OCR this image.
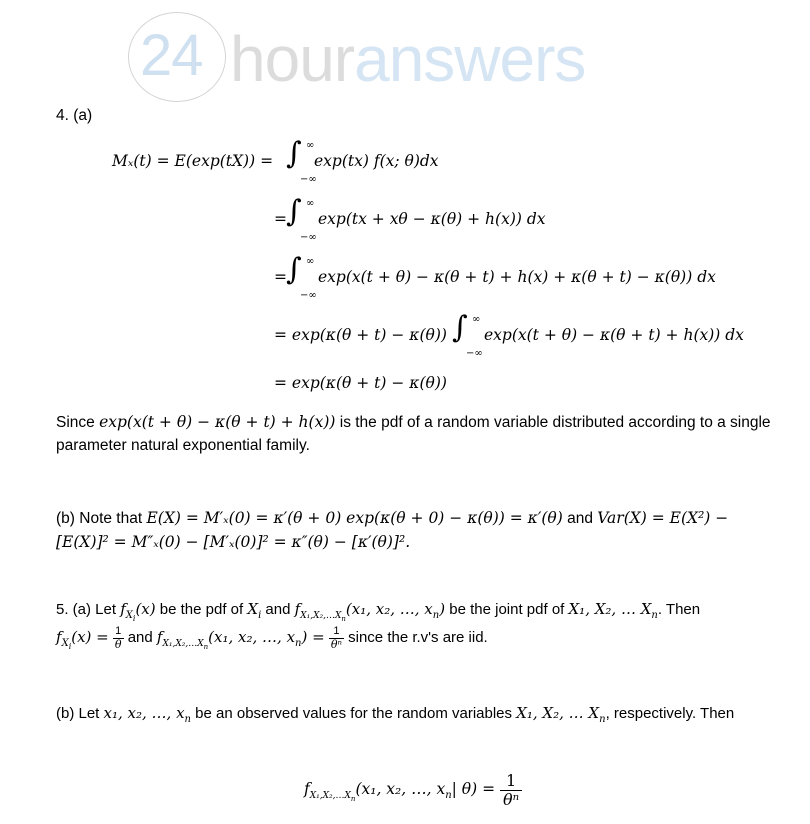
24 houranswers
4. (a)
Mₓ(t) = E(exp(tX)) = ∫ ∞
−∞
exp(tx) f(x; θ)dx
= ∫ ∞
−∞
exp(tx + xθ − κ(θ) + h(x)) dx
= ∫ ∞
−∞
exp(x(t + θ) − κ(θ + t) + h(x) + κ(θ + t) − κ(θ)) dx
= exp(κ(θ + t) − κ(θ)) ∫ ∞
−∞
exp(x(t + θ) − κ(θ + t) + h(x)) dx
= exp(κ(θ + t) − κ(θ))
Since exp(x(t + θ) − κ(θ + t) + h(x)) is the pdf of a random variable distributed according to a single
parameter natural exponential family.
(b) Note that E(X) = M′ₓ(0) = κ′(θ + 0) exp(κ(θ + 0) − κ(θ)) = κ′(θ) and Var(X) = E(X²) −
[E(X)]² = M″ₓ(0) − [M′ₓ(0)]² = κ″(θ) − [κ′(θ)]².
5. (a) Let $f_{X_i}(x)$ be the pdf of $X_i$ and $f_{X_1,X_2,\dots X_n}(x_1$, x₂, …, $x_n$) be the joint pdf of X₁, X₂, … $X_n$. Then
$f_{X_i}(x) = \frac{1}{\theta}$ and $f_{X_1,X_2,\dots X_n}(x_1$, x₂, …, $x_n) = \frac{1}{\text{θⁿ}}$ since the r.v's are iid.
(b) Let x₁, x₂, …, $x_n$ be an observed values for the random variables X₁, X₂, … $X_n$, respectively. Then
$f_{X_1,X_2,\dots X_n}(x_1$, x₂, …, $x_n|$ $\theta) = \frac{1}{\text{θⁿ}}$
